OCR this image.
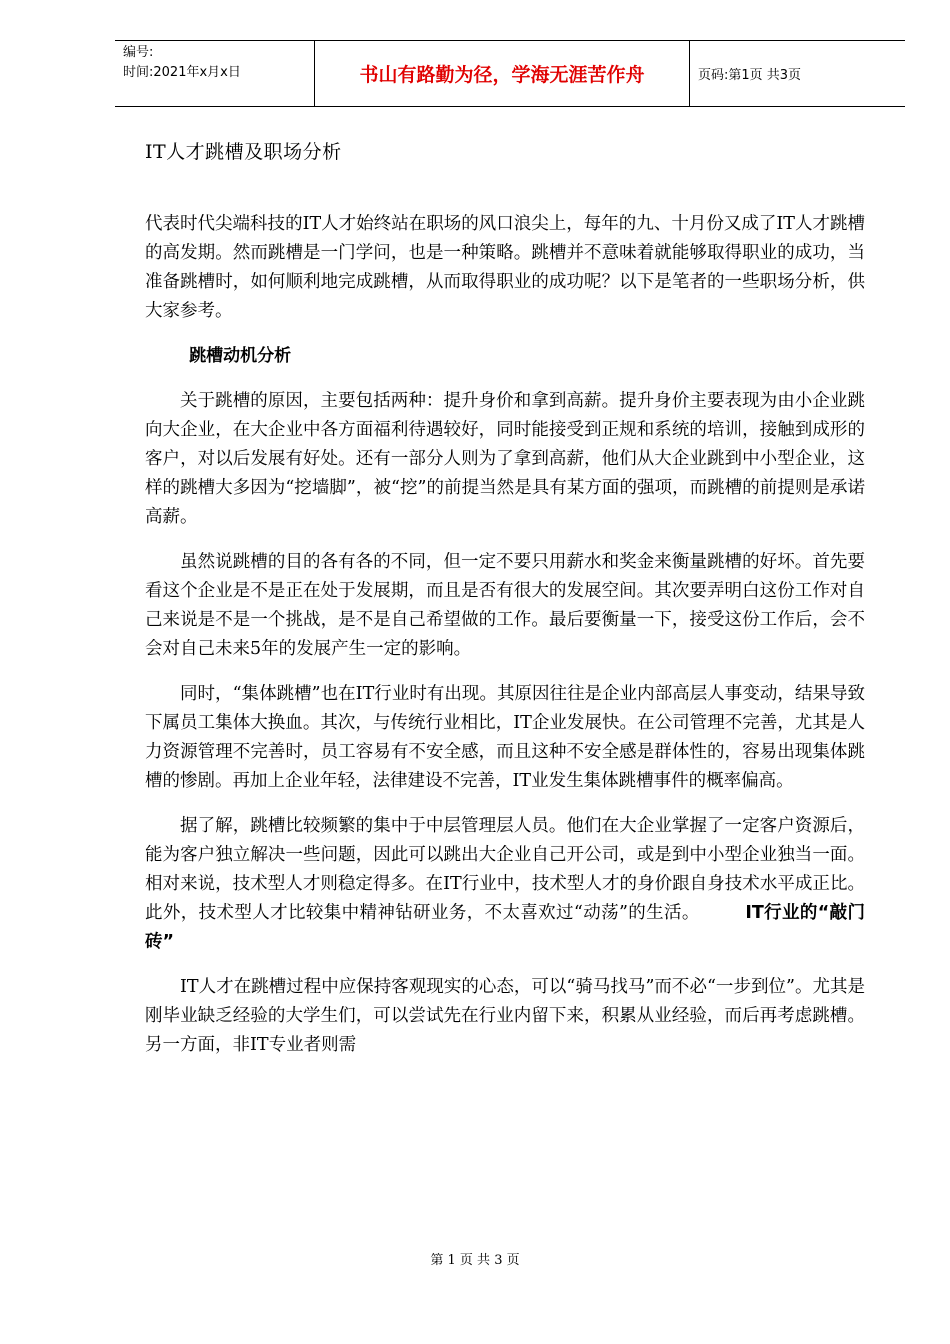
编号:
时间:2021年x月x日	书山有路勤为径，学海无涯苦作舟	页码:第1页 共3页
IT人才跳槽及职场分析

代表时代尖端科技的IT人才始终站在职场的风口浪尖上，每年的九、十月份又成了IT人才跳槽的高发期。然而跳槽是一门学问，也是一种策略。跳槽并不意味着就能够取得职业的成功，当准备跳槽时，如何顺利地完成跳槽，从而取得职业的成功呢？以下是笔者的一些职场分析，供大家参考。

跳槽动机分析

关于跳槽的原因，主要包括两种：提升身价和拿到高薪。提升身价主要表现为由小企业跳向大企业，在大企业中各方面福利待遇较好，同时能接受到正规和系统的培训，接触到成形的客户，对以后发展有好处。还有一部分人则为了拿到高薪，他们从大企业跳到中小型企业，这样的跳槽大多因为“挖墙脚”，被“挖”的前提当然是具有某方面的强项，而跳槽的前提则是承诺高薪。

虽然说跳槽的目的各有各的不同，但一定不要只用薪水和奖金来衡量跳槽的好坏。首先要看这个企业是不是正在处于发展期，而且是否有很大的发展空间。其次要弄明白这份工作对自己来说是不是一个挑战，是不是自己希望做的工作。最后要衡量一下，接受这份工作后，会不会对自己未来5年的发展产生一定的影响。

同时，“集体跳槽”也在IT行业时有出现。其原因往往是企业内部高层人事变动，结果导致下属员工集体大换血。其次，与传统行业相比，IT企业发展快。在公司管理不完善，尤其是人力资源管理不完善时，员工容易有不安全感，而且这种不安全感是群体性的，容易出现集体跳槽的惨剧。再加上企业年轻，法律建设不完善，IT业发生集体跳槽事件的概率偏高。

据了解，跳槽比较频繁的集中于中层管理层人员。他们在大企业掌握了一定客户资源后，能为客户独立解决一些问题，因此可以跳出大企业自己开公司，或是到中小型企业独当一面。相对来说，技术型人才则稳定得多。在IT行业中，技术型人才的身价跟自身技术水平成正比。此外，技术型人才比较集中精神钻研业务，不太喜欢过“动荡”的生活。	IT行业的“敲门砖”

IT人才在跳槽过程中应保持客观现实的心态，可以“骑马找马”而不必“一步到位”。尤其是刚毕业缺乏经验的大学生们，可以尝试先在行业内留下来，积累从业经验，而后再考虑跳槽。另一方面，非IT专业者则需

第 1 页 共 3 页
